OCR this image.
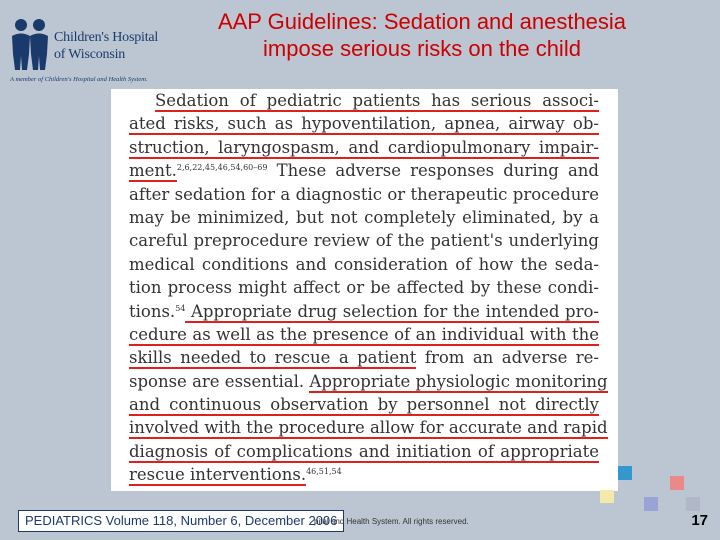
Children's Hospital
of Wisconsin
A member of Children's Hospital and Health System.
AAP Guidelines: Sedation and anesthesia
impose serious risks on the child
Sedation of pediatric patients has serious associ-
ated risks, such as hypoventilation, apnea, airway ob-
struction, laryngospasm, and cardiopulmonary impair-
ment.$^{2,6,22,45,46,54,60-69}$ These adverse responses during and
after sedation for a diagnostic or therapeutic procedure
may be minimized, but not completely eliminated, by a
careful preprocedure review of the patient's underlying
medical conditions and consideration of how the seda-
tion process might affect or be affected by these condi-
tions.$^{54}$ Appropriate drug selection for the intended pro-
cedure as well as the presence of an individual with the
skills needed to rescue a patient from an adverse re-
sponse are essential. Appropriate physiologic monitoring
and continuous observation by personnel not directly
involved with the procedure allow for accurate and rapid
diagnosis of complications and initiation of appropriate
rescue interventions.$^{46,51,54}$
PEDIATRICS Volume 118, Number 6, December 2006
pital and Health System. All rights reserved.	17
